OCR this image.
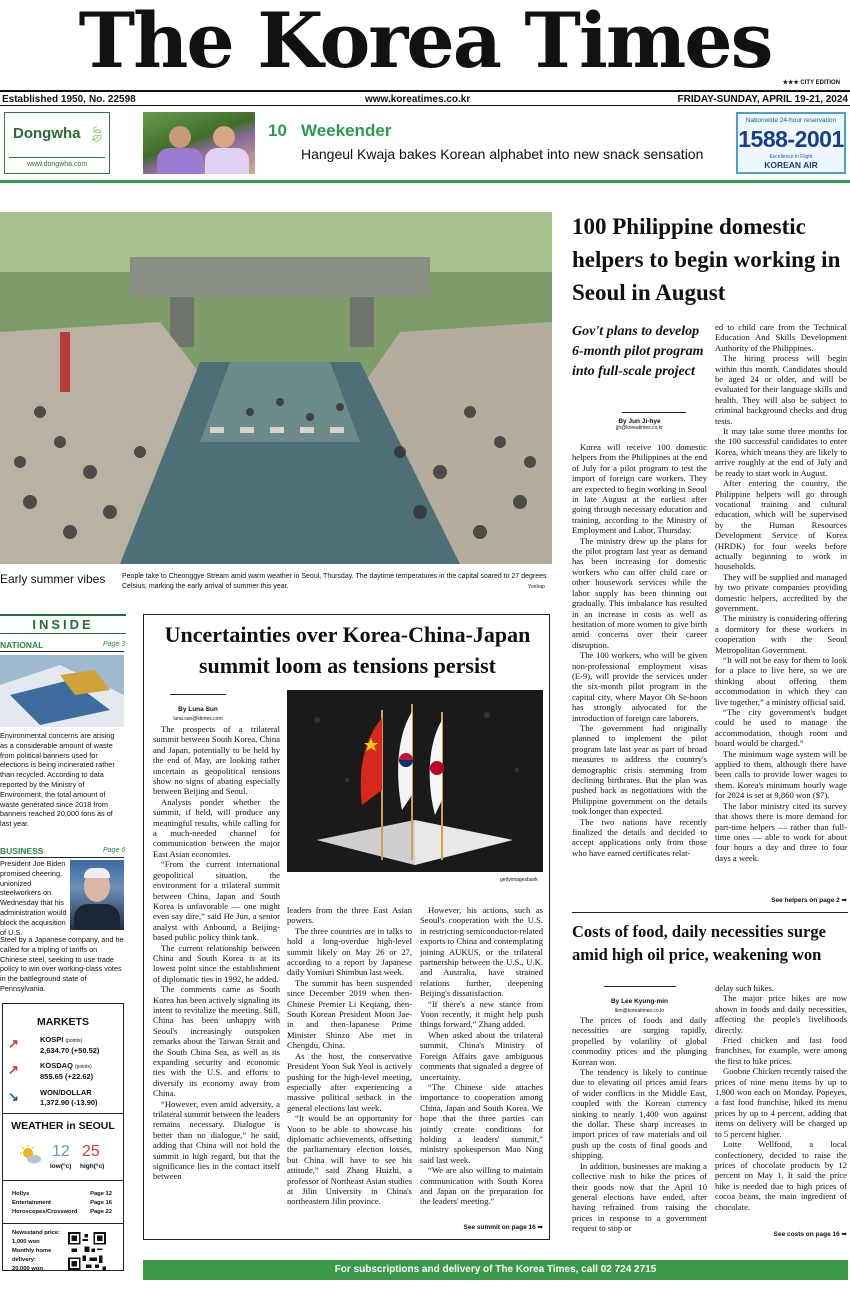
The Korea Times	★★★ CITY EDITION
Established 1950, No. 22598	www.koreatimes.co.kr	FRIDAY-SUNDAY, APRIL 19-21, 2024
Dongwha 🍃︎
www.dongwha.com
10 Weekender
Hangeul Kwaja bakes Korean alphabet into new snack sensation
Nationwide 24-hour reservation
1588-2001
Excellence in Flight
KOREAN AIR
Early summer vibes People take to Cheonggye Stream amid warm weather in Seoul, Thursday. The daytime temperatures in the capital soared to 27 degrees Celsius, marking the early arrival of summer this year.	Yonhap
100 Philippine domestic helpers to begin working in Seoul in August
Gov't plans to develop 6-month pilot program into full-scale project
By Jun Ji-hye
jjh@koreatimes.co.kr

Korea will receive 100 domestic helpers from the Philippines at the end of July for a pilot program to test the import of foreign care workers. They are expected to begin working in Seoul in late August at the earliest after going through necessary education and training, according to the Ministry of Employment and Labor, Thursday.

The ministry drew up the plans for the pilot program last year as demand has been increasing for domestic workers who can offer child care or other housework services while the labor supply has been thinning out gradually. This imbalance has resulted in an increase in costs as well as hesitation of more women to give birth amid concerns over their career disruption.

The 100 workers, who will be given non-professional employment visas (E-9), will provide the services under the six-month pilot program in the capital city, where Mayor Oh Se-hoon has strongly advocated for the introduction of foreign care laborers.

The government had originally planned to implement the pilot program late last year as part of broad measures to address the country's demographic crisis stemming from declining birthrates. But the plan was pushed back as negotiations with the Philippine government on the details took longer than expected.

The two nations have recently finalized the details and decided to accept applications only from those who have earned certificates relat-

ed to child care from the Technical Education And Skills Development Authority of the Philippines.

The hiring process will begin within this month. Candidates should be aged 24 or older, and will be evaluated for their language skills and health. They will also be subject to criminal background checks and drug tests.

It may take some three months for the 100 successful candidates to enter Korea, which means they are likely to arrive roughly at the end of July and be ready to start work in August.

After entering the country, the Philippine helpers will go through vocational training and cultural education, which will be supervised by the Human Resources Development Service of Korea (HRDK) for four weeks before actually beginning to work in households.

They will be supplied and managed by two private companies providing domestic helpers, accredited by the government.

The ministry is considering offering a dormitory for these workers in cooperation with the Seoul Metropolitan Government.

“It will not be easy for them to look for a place to live here, so we are thinking about offering them accommodation in which they can live together,” a ministry official said.

“The city government's budget could be used to manage the accommodation, though room and board would be charged.”

The minimum wage system will be applied to them, although there have been calls to provide lower wages to them. Korea's minimum hourly wage for 2024 is set at 9,860 won ($7).

The labor ministry cited its survey that shows there is more demand for part-time helpers — rather than full-time ones — able to work for about four hours a day and three to four days a week.

See helpers on page 2 ➥
Costs of food, daily necessities surge amid high oil price, weakening won
By Lee Kyung-min
lkm@koreatimes.co.kr

The prices of foods and daily necessities are surging rapidly, propelled by volatility of global commodity prices and the plunging Korean won.

The tendency is likely to continue due to elevating oil prices amid fears of wider conflicts in the Middle East, coupled with the Korean currency sinking to nearly 1,400 won against the dollar. These sharp increases in import prices of raw materials and oil push up the costs of final goods and shipping.

In addition, businesses are making a collective rush to hike the prices of their goods now that the April 10 general elections have ended, after having refrained from raising the prices in response to a government request to stop or

delay such hikes.

The major price hikes are now shown in foods and daily necessities, affecting the people's livelihoods directly.

Fried chicken and fast food franchises, for example, were among the first to hike prices.

Goobne Chicken recently raised the prices of nine menu items by up to 1,900 won each on Monday. Popeyes, a fast food franchise, hiked its menu prices by up to 4 percent, adding that items on delivery will be charged up to 5 percent higher.

Lotte Wellfood, a local confectionery, decided to raise the prices of chocolate products by 12 percent on May 1. It said the price hike is needed due to high prices of cocoa beans, the main ingredient of chocolate.

See costs on page 16 ➥
INSIDE
NATIONAL	Page 3
Environmental concerns are arising as a considerable amount of waste from political banners used for elections is being incinerated rather than recycled. According to data reported by the Ministry of Environment, the total amount of waste generated since 2018 from banners reached 20,000 tons as of last year.
BUSINESS	Page 6
President Joe Biden promised cheering, unionized steelworkers on Wednesday that his administration would block the acquisition of U.S.
Steel by a Japanese company, and he called for a tripling of tariffs on Chinese steel, seeking to use trade policy to win over working-class votes in the battleground state of Pennsylvania.
MARKETS
↗︎	KOSPI (points)
2,634.70 (+50.52)
↗︎	KOSDAQ (points)
855.65 (+22.62)
↘︎	WON/DOLLAR
1,372.90 (-13.90)
WEATHER in SEOUL
12 25
low(°c) high(°c)
Hollys	Page 12
Entertainment	Page 16
Horoscopes/Crossword Page 22
Newsstand price:
1,000 won
Monthly home
delivery:
20,000 won
Uncertainties over Korea-China-Japan
summit loom as tensions persist
By Luna Sun
luna.sun@ktimes.com
gettyimagesbank

The prospects of a trilateral summit between South Korea, China and Japan, potentially to be held by the end of May, are looking rather uncertain as geopolitical tensions show no signs of abating especially between Beijing and Seoul.

Analysts ponder whether the summit, if held, will produce any meaningful results, while calling for a much-needed channel for communication between the major East Asian economies.

“From the current international geopolitical situation, the environment for a trilateral summit between China, Japan and South Korea is unfavorable — one might even say dire,” said He Jun, a senior analyst with Anbound, a Beijing-based public policy think tank.

The current relationship between China and South Korea is at its lowest point since the establishment of diplomatic ties in 1992, he added.

The comments came as South Korea has been actively signaling its intent to revitalize the meeting. Still, China has been unhappy with Seoul's increasingly outspoken remarks about the Taiwan Strait and the South China Sea, as well as its expanding security and economic ties with the U.S. and efforts to diversify its economy away from China.

“However, even amid adversity, a trilateral summit between the leaders remains necessary. Dialogue is better than no dialogue,” he said, adding that China will not hold the summit in high regard, but that the significance lies in the contact itself between

leaders from the three East Asian powers.

The three countries are in talks to hold a long-overdue high-level summit likely on May 26 or 27, according to a report by Japanese daily Yomiuri Shimbun last week.

The summit has been suspended since December 2019 when then-Chinese Premier Li Keqiang, then-South Korean President Moon Jae-in and then-Japanese Prime Minister Shinzo Abe met in Chengdu, China.

As the host, the conservative President Yoon Suk Yeol is actively pushing for the high-level meeting, especially after experiencing a massive political setback in the general elections last week.

“It would be an opportunity for Yoon to be able to showcase his diplomatic achievements, offsetting the parliamentary election losses, but China will have to see his attitude,” said Zhang Huizhi, a professor of Northeast Asian studies at Jilin University in China's northeastern Jilin province.

However, his actions, such as Seoul's cooperation with the U.S. in restricting semiconductor-related exports to China and contemplating joining AUKUS, or the trilateral partnership between the U.S., U.K. and Australia, have strained relations further, deepening Beijing's dissatisfaction.

“If there's a new stance from Yoon recently, it might help push things forward,” Zhang added.

When asked about the trilateral summit, China's Ministry of Foreign Affairs gave ambiguous comments that signaled a degree of uncertainty.

“The Chinese side attaches importance to cooperation among China, Japan and South Korea. We hope that the three parties can jointly create conditions for holding a leaders' summit,” ministry spokesperson Mao Ning said last week.

“We are also willing to maintain communication with South Korea and Japan on the preparation for the leaders' meeting.”

See summit on page 16 ➥
For subscriptions and delivery of The Korea Times, call 02 724 2715
